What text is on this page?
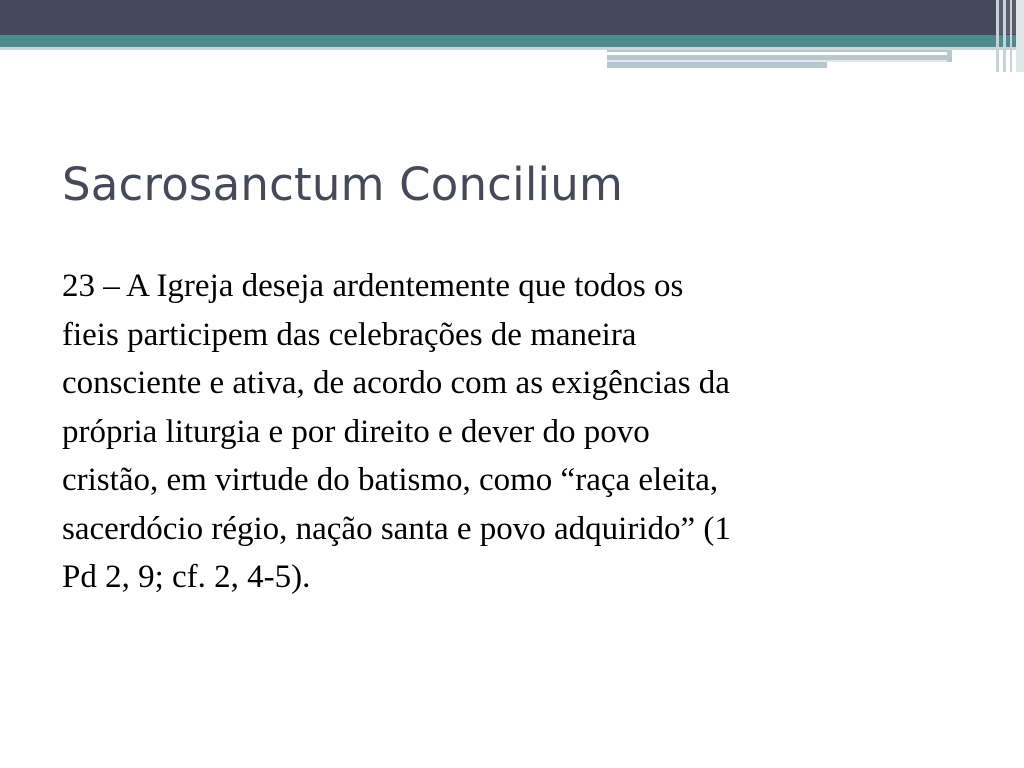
Sacrosanctum Concilium

23 – A Igreja deseja ardentemente que todos os
fieis participem das celebrações de maneira
consciente e ativa, de acordo com as exigências da
própria liturgia e por direito e dever do povo
cristão, em virtude do batismo, como “raça eleita,
sacerdócio régio, nação santa e povo adquirido” (1
Pd 2, 9; cf. 2, 4-5).
